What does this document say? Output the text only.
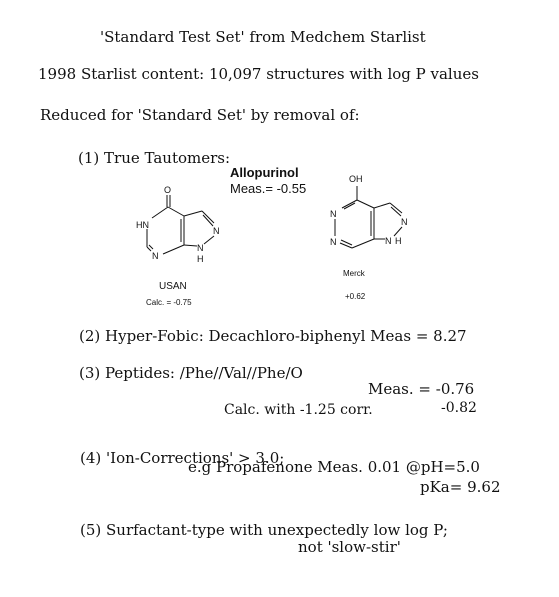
'Standard Test Set' from Medchem Starlist
1998 Starlist content: 10,097 structures with log P values
Reduced for 'Standard Set' by removal of:
(1) True Tautomers:
Allopurinol
Meas.= -0.55
O
HN
N
N
N
H
USAN
Calc. = -0.75
OH
N
N
N
N H
Merck
+0.62
(2) Hyper-Fobic: Decachloro-biphenyl Meas = 8.27
(3) Peptides: /Phe//Val//Phe/O
Meas. = -0.76
Calc. with -1.25 corr.	-0.82
(4) 'Ion-Corrections' > 3.0;
e.g Propafenone Meas. 0.01 @pH=5.0
pKa= 9.62
(5) Surfactant-type with unexpectedly low log P;
not 'slow-stir'
